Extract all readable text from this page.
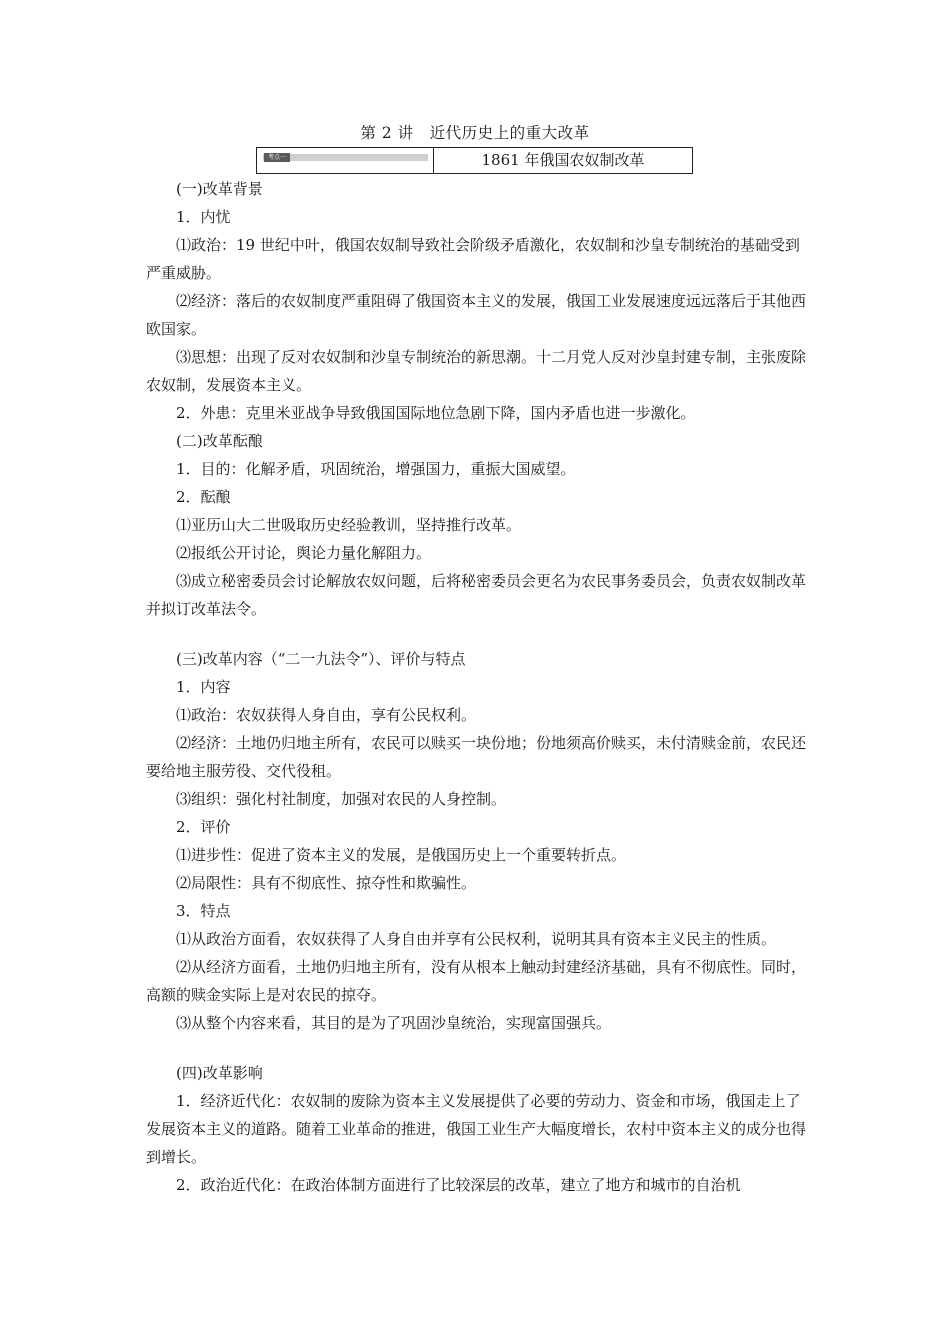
第 2 讲　近代历史上的重大改革
考点一	1861 年俄国农奴制改革

(一)改革背景

1．内忧

⑴政治：19 世纪中叶，俄国农奴制导致社会阶级矛盾激化，农奴制和沙皇专制统治的基础受到严重威胁。

⑵经济：落后的农奴制度严重阻碍了俄国资本主义的发展，俄国工业发展速度远远落后于其他西欧国家。

⑶思想：出现了反对农奴制和沙皇专制统治的新思潮。十二月党人反对沙皇封建专制，主张废除农奴制，发展资本主义。

2．外患：克里米亚战争导致俄国国际地位急剧下降，国内矛盾也进一步激化。

(二)改革酝酿

1．目的：化解矛盾，巩固统治，增强国力，重振大国威望。

2．酝酿

⑴亚历山大二世吸取历史经验教训，坚持推行改革。

⑵报纸公开讨论，舆论力量化解阻力。

⑶成立秘密委员会讨论解放农奴问题，后将秘密委员会更名为农民事务委员会，负责农奴制改革并拟订改革法令。

(三)改革内容（“二一九法令”）、评价与特点

1．内容

⑴政治：农奴获得人身自由，享有公民权利。

⑵经济：土地仍归地主所有，农民可以赎买一块份地；份地须高价赎买，未付清赎金前，农民还要给地主服劳役、交代役租。

⑶组织：强化村社制度，加强对农民的人身控制。

2．评价

⑴进步性：促进了资本主义的发展，是俄国历史上一个重要转折点。

⑵局限性：具有不彻底性、掠夺性和欺骗性。

3．特点

⑴从政治方面看，农奴获得了人身自由并享有公民权利，说明其具有资本主义民主的性质。

⑵从经济方面看，土地仍归地主所有，没有从根本上触动封建经济基础，具有不彻底性。同时，高额的赎金实际上是对农民的掠夺。

⑶从整个内容来看，其目的是为了巩固沙皇统治，实现富国强兵。

(四)改革影响

1．经济近代化：农奴制的废除为资本主义发展提供了必要的劳动力、资金和市场，俄国走上了发展资本主义的道路。随着工业革命的推进，俄国工业生产大幅度增长，农村中资本主义的成分也得到增长。

2．政治近代化：在政治体制方面进行了比较深层的改革，建立了地方和城市的自治机
